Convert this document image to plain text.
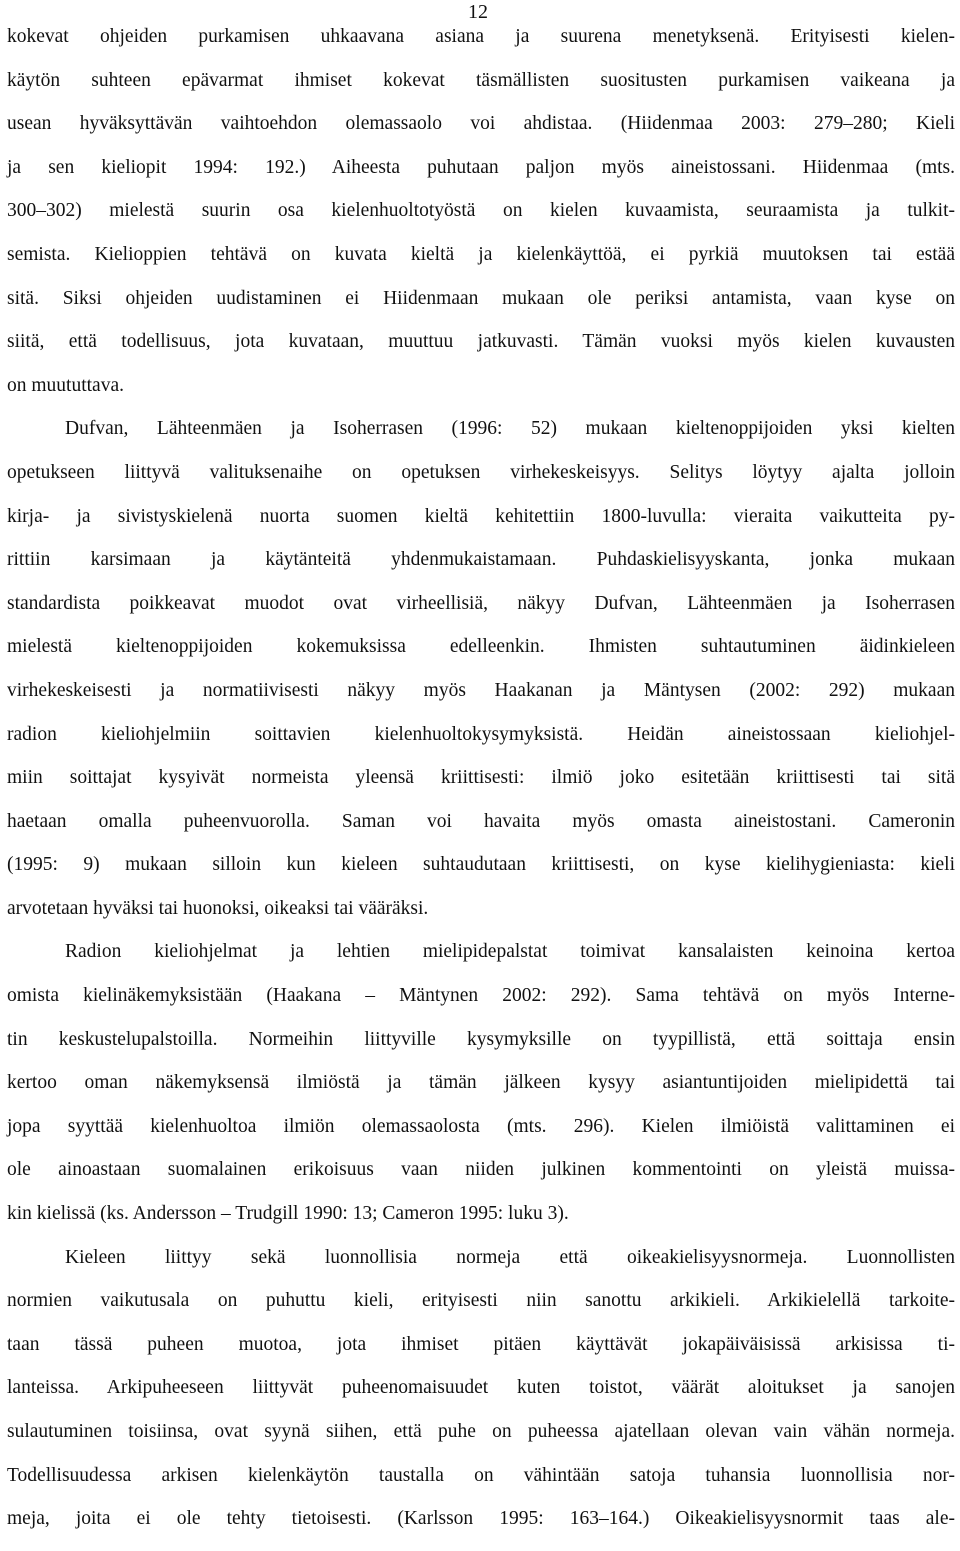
12
kokevat ohjeiden purkamisen uhkaavana asiana ja suurena menetyksenä. Erityisesti kielen-
käytön suhteen epävarmat ihmiset kokevat täsmällisten suositusten purkamisen vaikeana ja
usean hyväksyttävän vaihtoehdon olemassaolo voi ahdistaa. (Hiidenmaa 2003: 279–280; Kieli
ja sen kieliopit 1994: 192.) Aiheesta puhutaan paljon myös aineistossani. Hiidenmaa (mts.
300–302) mielestä suurin osa kielenhuoltotyöstä on kielen kuvaamista, seuraamista ja tulkit-
semista. Kielioppien tehtävä on kuvata kieltä ja kielenkäyttöä, ei pyrkiä muutoksen tai estää
sitä. Siksi ohjeiden uudistaminen ei Hiidenmaan mukaan ole periksi antamista, vaan kyse on
siitä, että todellisuus, jota kuvataan, muuttuu jatkuvasti. Tämän vuoksi myös kielen kuvausten
on muututtava.
Dufvan, Lähteenmäen ja Isoherrasen (1996: 52) mukaan kieltenoppijoiden yksi kielten
opetukseen liittyvä valituksenaihe on opetuksen virhekeskeisyys. Selitys löytyy ajalta jolloin
kirja- ja sivistyskielenä nuorta suomen kieltä kehitettiin 1800-luvulla: vieraita vaikutteita py-
rittiin karsimaan ja käytänteitä yhdenmukaistamaan. Puhdaskielisyyskanta, jonka mukaan
standardista poikkeavat muodot ovat virheellisiä, näkyy Dufvan, Lähteenmäen ja Isoherrasen
mielestä kieltenoppijoiden kokemuksissa edelleenkin. Ihmisten suhtautuminen äidinkieleen
virhekeskeisesti ja normatiivisesti näkyy myös Haakanan ja Mäntysen (2002: 292) mukaan
radion kieliohjelmiin soittavien kielenhuoltokysymyksistä. Heidän aineistossaan kieliohjel-
miin soittajat kysyivät normeista yleensä kriittisesti: ilmiö joko esitetään kriittisesti tai sitä
haetaan omalla puheenvuorolla. Saman voi havaita myös omasta aineistostani. Cameronin
(1995: 9) mukaan silloin kun kieleen suhtaudutaan kriittisesti, on kyse kielihygieniasta: kieli
arvotetaan hyväksi tai huonoksi, oikeaksi tai vääräksi.
Radion kieliohjelmat ja lehtien mielipidepalstat toimivat kansalaisten keinoina kertoa
omista kielinäkemyksistään (Haakana – Mäntynen 2002: 292). Sama tehtävä on myös Interne-
tin keskustelupalstoilla. Normeihin liittyville kysymyksille on tyypillistä, että soittaja ensin
kertoo oman näkemyksensä ilmiöstä ja tämän jälkeen kysyy asiantuntijoiden mielipidettä tai
jopa syyttää kielenhuoltoa ilmiön olemassaolosta (mts. 296). Kielen ilmiöistä valittaminen ei
ole ainoastaan suomalainen erikoisuus vaan niiden julkinen kommentointi on yleistä muissa-
kin kielissä (ks. Andersson – Trudgill 1990: 13; Cameron 1995: luku 3).
Kieleen liittyy sekä luonnollisia normeja että oikeakielisyysnormeja. Luonnollisten
normien vaikutusala on puhuttu kieli, erityisesti niin sanottu arkikieli. Arkikielellä tarkoite-
taan tässä puheen muotoa, jota ihmiset pitäen käyttävät jokapäiväisissä arkisissa ti-
lanteissa. Arkipuheeseen liittyvät puheenomaisuudet kuten toistot, väärät aloitukset ja sanojen
sulautuminen toisiinsa, ovat syynä siihen, että puhe on puheessa ajatellaan olevan vain vähän normeja.
Todellisuudessa arkisen kielenkäytön taustalla on vähintään satoja tuhansia luonnollisia nor-
meja, joita ei ole tehty tietoisesti. (Karlsson 1995: 163–164.) Oikeakielisyysnormit taas ale-
